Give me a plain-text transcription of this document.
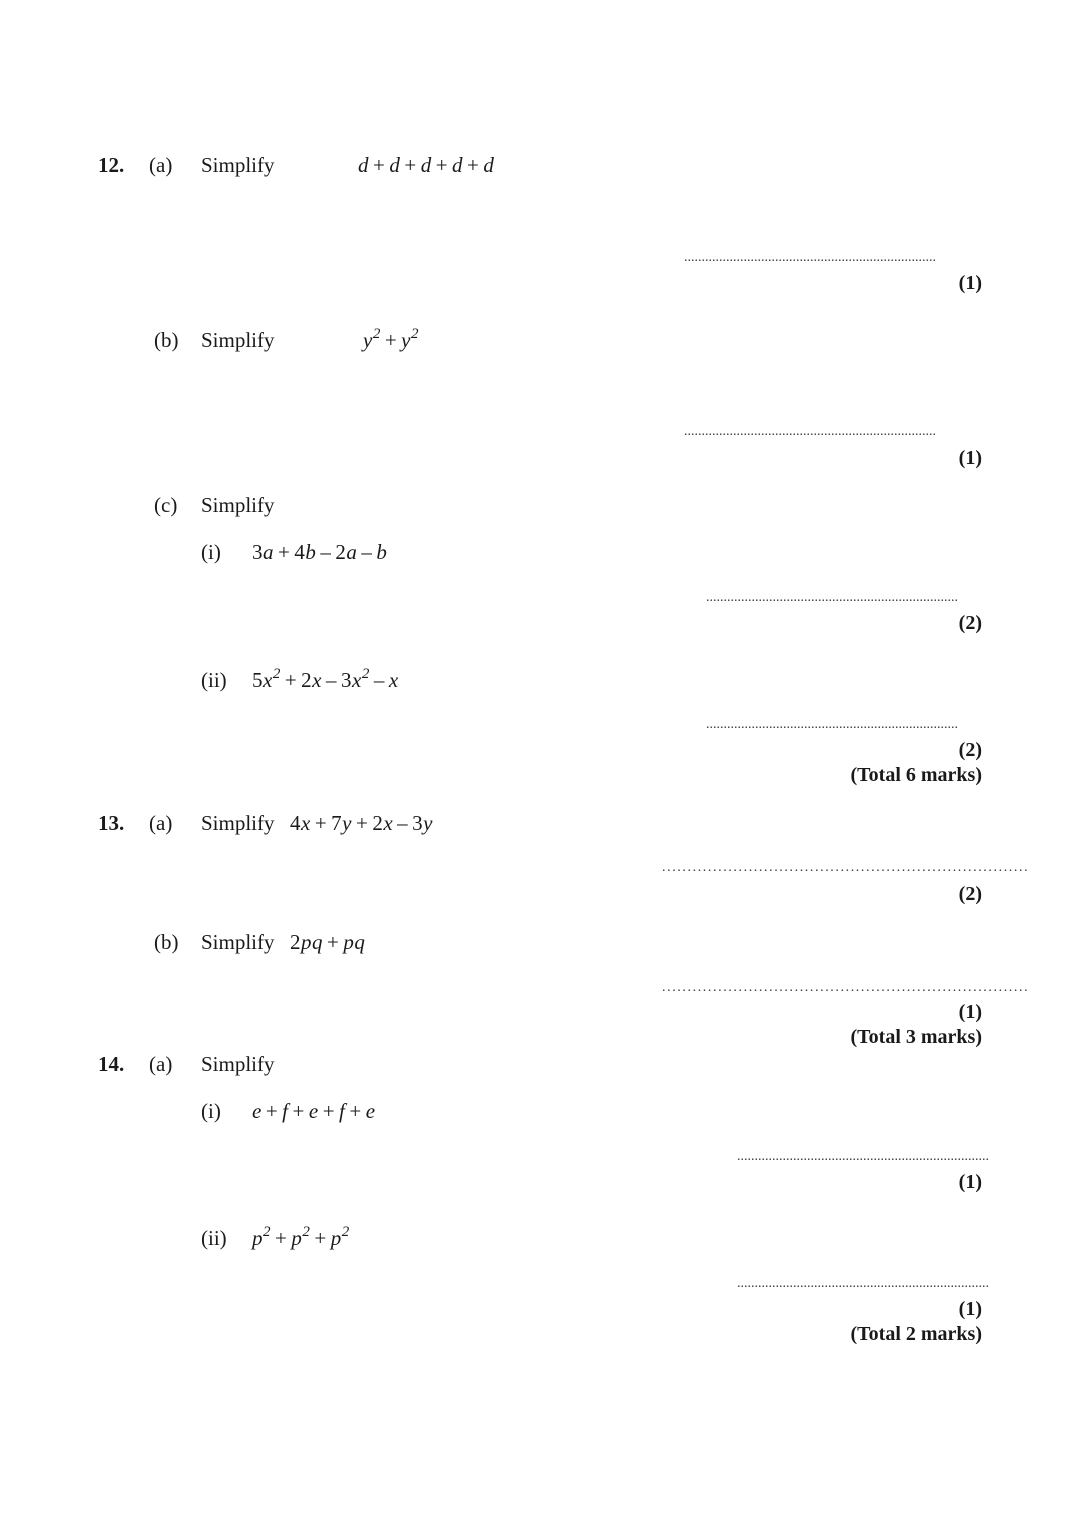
12. (a) Simplify	d + d + d + d + d
........................................................................
(1)
(b) Simplify	$y^2 + y^2$
........................................................................
(1)
(c) Simplify
(i) 3a + 4b – 2a – b
........................................................................
(2)
(ii) $5x^2 + 2x - 3x^2 - x$
........................................................................
(2)
(Total 6 marks)
13. (a) Simplify 4x + 7y + 2x – 3y
........................................................................
(2)
(b) Simplify 2pq + pq
........................................................................
(1)
(Total 3 marks)
14. (a) Simplify
(i) e + f + e + f + e
........................................................................
(1)
(ii) $p^2 + p^2 + p^2$
........................................................................
(1)
(Total 2 marks)
